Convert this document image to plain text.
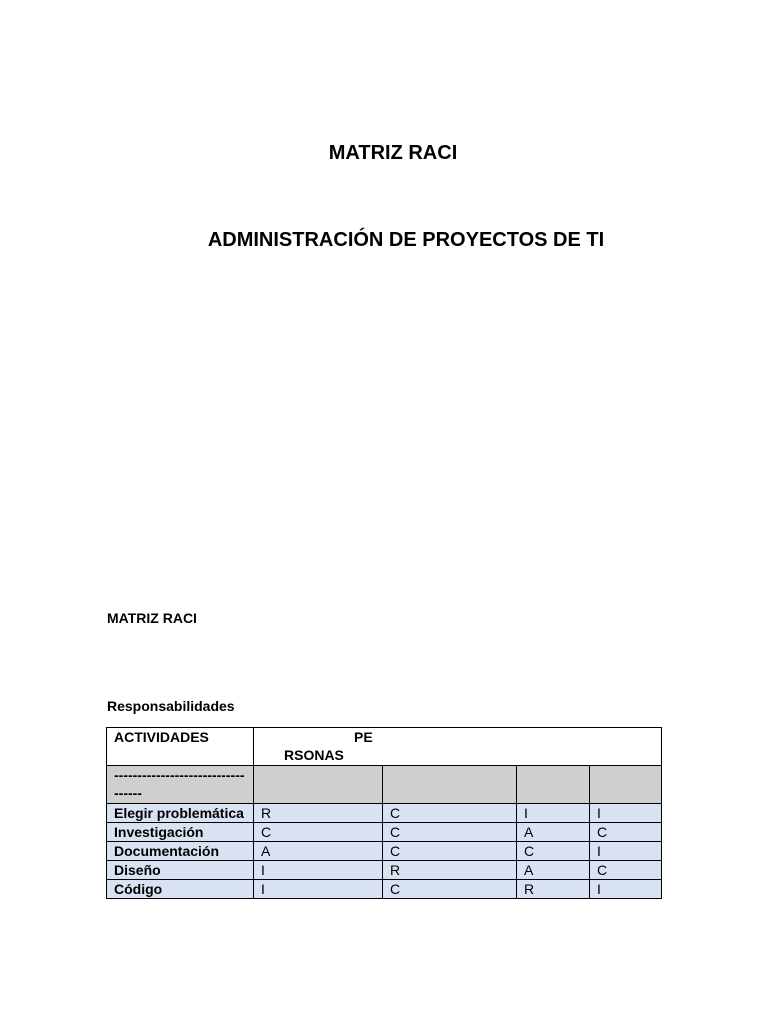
MATRIZ RACI
ADMINISTRACIÓN DE PROYECTOS DE TI

MATRIZ RACI

Responsabilidades

ACTIVIDADES	PE
RSONAS			

----------------------------------				

Elegir problemática	R	C	I	I
Investigación	C	C	A	C
Documentación	A	C	C	I
Diseño	I	R	A	C
Código	I	C	R	I
